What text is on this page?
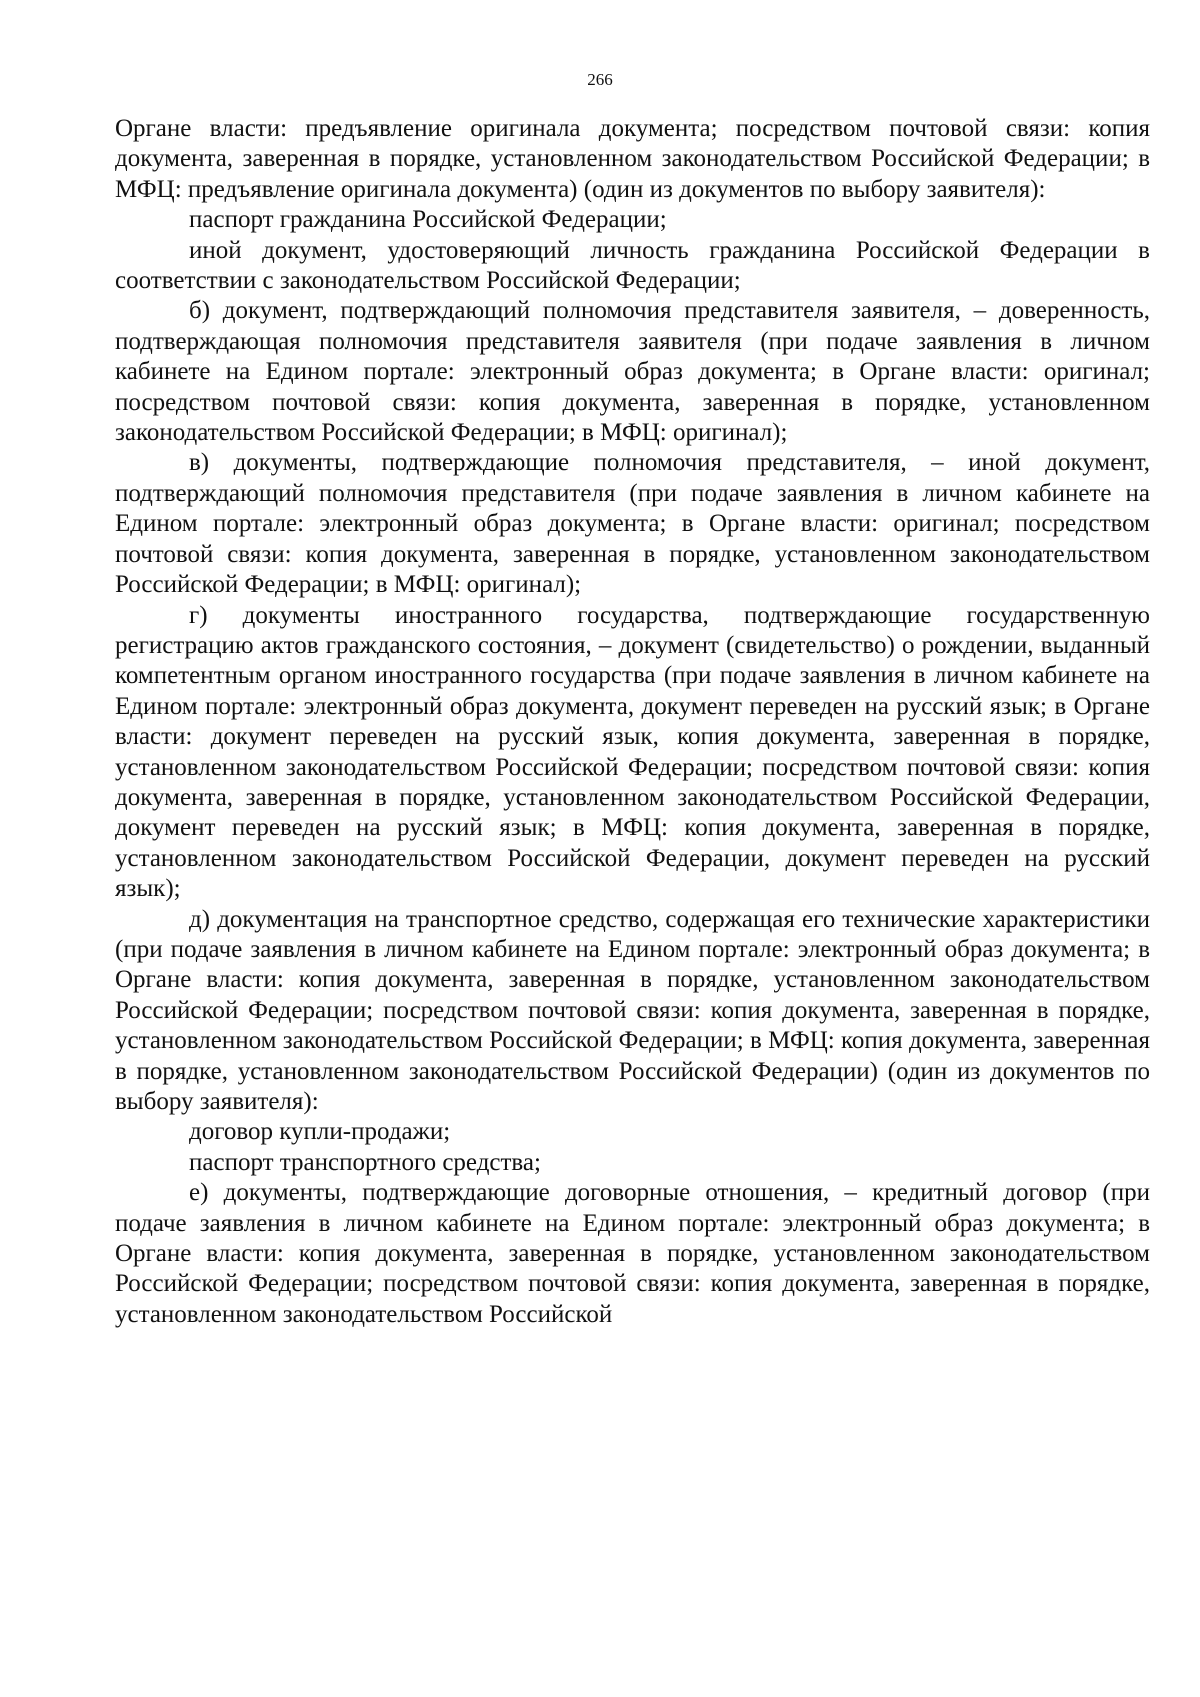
266

Органе власти: предъявление оригинала документа; посредством почтовой связи: копия документа, заверенная в порядке, установленном законодательством Российской Федерации; в МФЦ: предъявление оригинала документа) (один из документов по выбору заявителя):

паспорт гражданина Российской Федерации;

иной документ, удостоверяющий личность гражданина Российской Федерации в соответствии с законодательством Российской Федерации;

б) документ, подтверждающий полномочия представителя заявителя, – доверенность, подтверждающая полномочия представителя заявителя (при подаче заявления в личном кабинете на Едином портале: электронный образ документа; в Органе власти: оригинал; посредством почтовой связи: копия документа, заверенная в порядке, установленном законодательством Российской Федерации; в МФЦ: оригинал);

в) документы, подтверждающие полномочия представителя, – иной документ, подтверждающий полномочия представителя (при подаче заявления в личном кабинете на Едином портале: электронный образ документа; в Органе власти: оригинал; посредством почтовой связи: копия документа, заверенная в порядке, установленном законодательством Российской Федерации; в МФЦ: оригинал);

г) документы иностранного государства, подтверждающие государственную регистрацию актов гражданского состояния, – документ (свидетельство) о рождении, выданный компетентным органом иностранного государства (при подаче заявления в личном кабинете на Едином портале: электронный образ документа, документ переведен на русский язык; в Органе власти: документ переведен на русский язык, копия документа, заверенная в порядке, установленном законодательством Российской Федерации; посредством почтовой связи: копия документа, заверенная в порядке, установленном законодательством Российской Федерации, документ переведен на русский язык; в МФЦ: копия документа, заверенная в порядке, установленном законодательством Российской Федерации, документ переведен на русский язык);

д) документация на транспортное средство, содержащая его технические характеристики (при подаче заявления в личном кабинете на Едином портале: электронный образ документа; в Органе власти: копия документа, заверенная в порядке, установленном законодательством Российской Федерации; посредством почтовой связи: копия документа, заверенная в порядке, установленном законодательством Российской Федерации; в МФЦ: копия документа, заверенная в порядке, установленном законодательством Российской Федерации) (один из документов по выбору заявителя):

договор купли-продажи;

паспорт транспортного средства;

е) документы, подтверждающие договорные отношения, – кредитный договор (при подаче заявления в личном кабинете на Едином портале: электронный образ документа; в Органе власти: копия документа, заверенная в порядке, установленном законодательством Российской Федерации; посредством почтовой связи: копия документа, заверенная в порядке, установленном законодательством Российской
